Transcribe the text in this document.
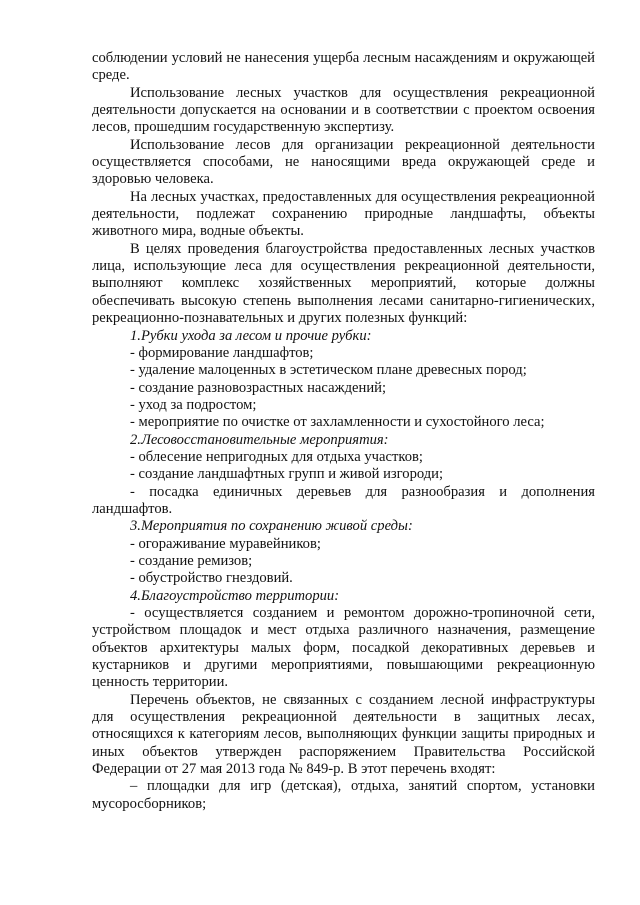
соблюдении условий не нанесения ущерба лесным насаждениям и окружающей среде.

Использование лесных участков для осуществления рекреационной деятельности допускается на основании и в соответствии с проектом освоения лесов, прошедшим государственную экспертизу.

Использование лесов для организации рекреационной деятельности осуществляется способами, не наносящими вреда окружающей среде и здоровью человека.

На лесных участках, предоставленных для осуществления рекреационной деятельности, подлежат сохранению природные ландшафты, объекты животного мира, водные объекты.

В целях проведения благоустройства предоставленных лесных участков лица, использующие леса для осуществления рекреационной деятельности, выполняют комплекс хозяйственных мероприятий, которые должны обеспечивать высокую степень выполнения лесами санитарно-гигиенических, рекреационно-познавательных и других полезных функций:

1.Рубки ухода за лесом и прочие рубки:

- формирование ландшафтов;

- удаление малоценных в эстетическом плане древесных пород;

- создание разновозрастных насаждений;

- уход за подростом;

- мероприятие по очистке от захламленности и сухостойного леса;

2.Лесовосстановительные мероприятия:

- облесение непригодных для отдыха участков;

- создание ландшафтных групп и живой изгороди;

- посадка единичных деревьев для разнообразия и дополнения ландшафтов.

3.Мероприятия по сохранению живой среды:

- огораживание муравейников;

- создание ремизов;

- обустройство гнездовий.

4.Благоустройство территории:

- осуществляется созданием и ремонтом дорожно-тропиночной сети, устройством площадок и мест отдыха различного назначения, размещение объектов архитектуры малых форм, посадкой декоративных деревьев и кустарников и другими мероприятиями, повышающими рекреационную ценность территории.

Перечень объектов, не связанных с созданием лесной инфраструктуры для осуществления рекреационной деятельности в защитных лесах, относящихся к категориям лесов, выполняющих функции защиты природных и иных объектов утвержден распоряжением Правительства Российской Федерации от 27 мая 2013 года № 849-р. В этот перечень входят:

– площадки для игр (детская), отдыха, занятий спортом, установки мусоросборников;
